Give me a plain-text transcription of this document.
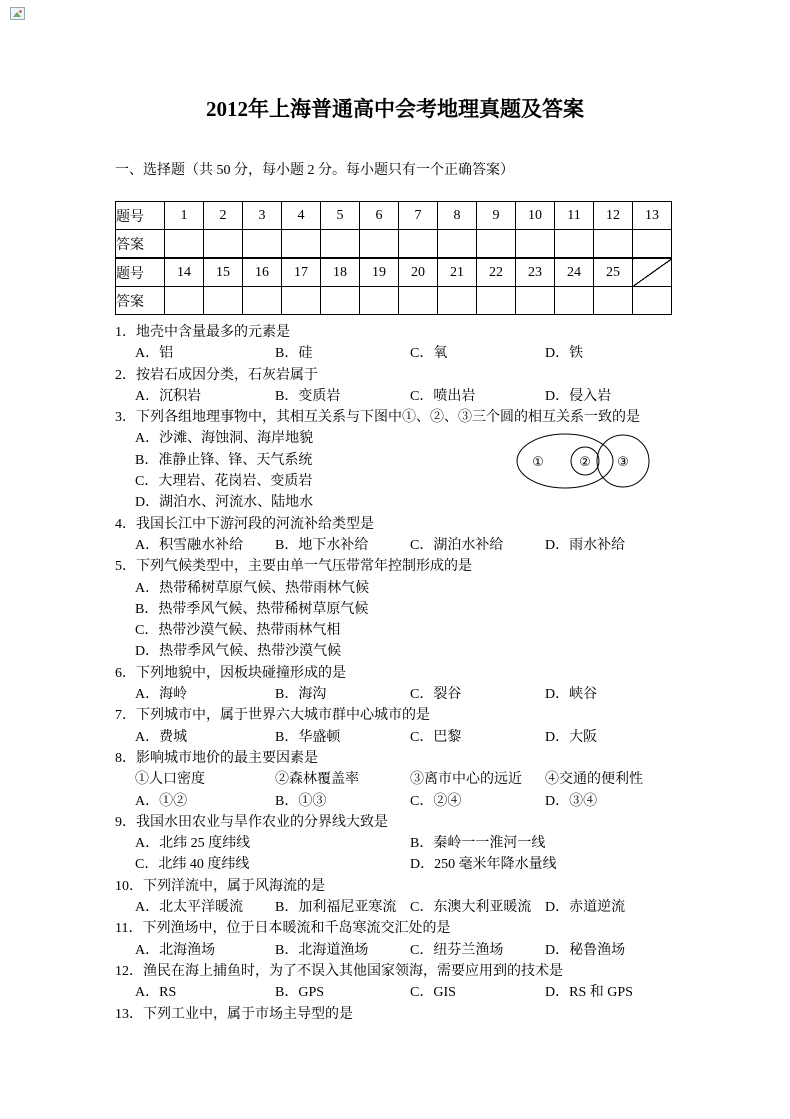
2012年上海普通高中会考地理真题及答案
一、选择题（共 50 分，每小题 2 分。每小题只有一个正确答案）
题号	1	2	3	4	5	6	7	8	9	10	11	12	13
答案													
题号	14	15	16	17	18	19	20	21	22	23	24	25	
答案													
1．地壳中含量最多的元素是
A．铝	B．硅	C．氧	D．铁
2．按岩石成因分类，石灰岩属于
A．沉积岩	B．变质岩	C．喷出岩	D．侵入岩
3．下列各组地理事物中，其相互关系与下图中①、②、③三个圆的相互关系一致的是
A．沙滩、海蚀洞、海岸地貌
B．准静止锋、锋、天气系统
C．大理岩、花岗岩、变质岩
D．湖泊水、河流水、陆地水
①	② ③
4．我国长江中下游河段的河流补给类型是
A．积雪融水补给	B．地下水补给	C．湖泊水补给	D．雨水补给
5．下列气候类型中，主要由单一气压带常年控制形成的是
A．热带稀树草原气候、热带雨林气候
B．热带季风气候、热带稀树草原气候
C．热带沙漠气候、热带雨林气相
D．热带季风气候、热带沙漠气候
6．下列地貌中，因板块碰撞形成的是
A．海岭	B．海沟	C．裂谷	D．峡谷
7．下列城市中，属于世界六大城市群中心城市的是
A．费城	B．华盛顿	C．巴黎	D．大阪
8．影响城市地价的最主要因素是
①人口密度	②森林覆盖率	③离市中心的远近	④交通的便利性
A．①②	B．①③	C．②④	D．③④
9．我国水田农业与旱作农业的分界线大致是
A．北纬 25 度纬线	B．秦岭一一淮河一线
C．北纬 40 度纬线	D．250 毫米年降水量线
10．下列洋流中，属于风海流的是
A．北太平洋暖流	B．加利福尼亚寒流 C．东澳大利亚暖流 D．赤道逆流
11．下列渔场中，位于日本暖流和千岛寒流交汇处的是
A．北海渔场	B．北海道渔场	C．纽芬兰渔场	D．秘鲁渔场
12．渔民在海上捕鱼时，为了不误入其他国家领海，需要应用到的技术是
A．RS	B．GPS	C．GIS	D．RS 和 GPS
13．下列工业中，属于市场主导型的是
